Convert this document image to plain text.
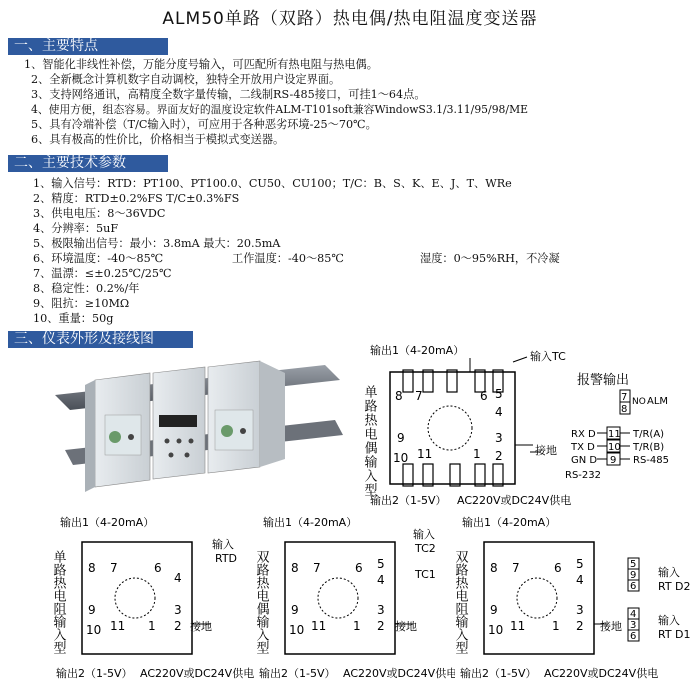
ALM50单路（双路）热电偶/热电阻温度变送器
一、主要特点
1、智能化非线性补偿，万能分度号输入，可匹配所有热电阻与热电偶。
2、全新概念计算机数字自动调校，独特全开放用户设定界面。
3、支持网络通讯，高精度全数字量传输，二线制RS-485接口，可挂1～64点。
4、使用方便，组态容易。界面友好的温度设定软件ALM-T101soft兼容WindowS3.1/3.11/95/98/ME
5、具有冷端补偿（T/C输入时），可应用于各种恶劣环境-25～70℃。
6、具有极高的性价比，价格相当于模拟式变送器。
二、主要技术参数
1、输入信号：RTD：PT100、PT100.0、CU50、CU100；T/C：B、S、K、E、J、T、WRe
2、精度：RTD±0.2%FS T/C±0.3%FS
3、供电电压：8～36VDC
4、分辨率：5uF
5、极限输出信号：最小：3.8mA 最大：20.5mA
6、环境温度：-40～85℃	工作温度：-40～85℃	湿度：0～95%RH，不冷凝
7、温漂：≤±0.25℃/25℃
8、稳定性：0.2%/年
9、阻抗：≥10MΩ
10、重量：50g
三、仪表外形及接线图
输出1（4-20mA）	输入TC
报警输出
8 7	6 5
4
3
9
10 11	1 2
单路热电偶输入型	接地
输出2（1-5V） AC220V或DC24V供电
7
8
NO ALM
RX D
TX D
GN D
11
10
9
T/R(A)
T/R(B)
RS-485
RS-232
输出1（4-20mA）
输入
RTD
单路热电阻输入型 8 7	6
4
9
10 11 1 2
3
接地
输出2（1-5V） AC220V或DC24V供电
输出1（4-20mA）
输入
TC2
TC1
双路热电偶输入型 8 7	6 5
4
9
10 11 1 2
3
接地
输出2（1-5V） AC220V或DC24V供电
输出1（4-20mA）
双路热电阻输入型 8 7	6 5
4
9
10 11 1 2
3
接地
5
9
6
4
3
6
输入
RT D2
输入
RT D1
输出2（1-5V） AC220V或DC24V供电
